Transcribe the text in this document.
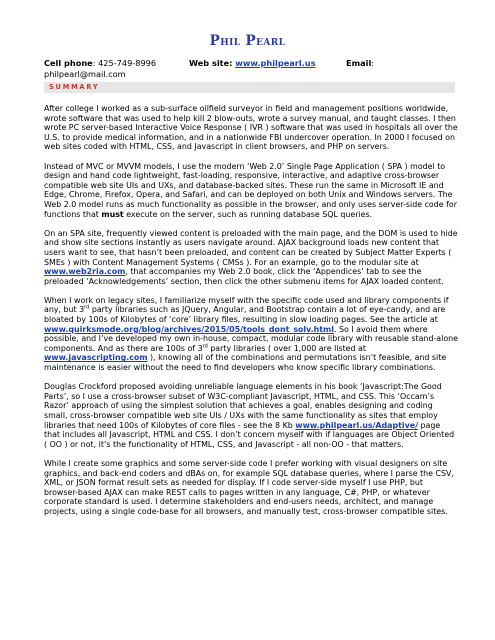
Phil Pearl
Cell phone: 425-749-8996	Web site: www.philpearl.us	Email:
philpearl@mail.com
SUMMARY

After college I worked as a sub-surface oilfield surveyor in field and management positions worldwide, wrote software that was used to help kill 2 blow-outs, wrote a survey manual, and taught classes. I then wrote PC server-based Interactive Voice Response ( IVR ) software that was used in hospitals all over the U.S. to provide medical information, and in a nationwide FBI undercover operation. In 2000 I focused on web sites coded with HTML, CSS, and Javascript in client browsers, and PHP on servers.

Instead of MVC or MVVM models, I use the modern ‘Web 2.0’ Single Page Application ( SPA ) model to design and hand code lightweight, fast-loading, responsive, interactive, and adaptive cross-browser compatible web site UIs and UXs, and database-backed sites. These run the same in Microsoft IE and Edge, Chrome, Firefox, Opera, and Safari, and can be deployed on both Unix and Windows servers. The Web 2.0 model runs as much functionality as possible in the browser, and only uses server-side code for functions that must execute on the server, such as running database SQL queries.

On an SPA site, frequently viewed content is preloaded with the main page, and the DOM is used to hide and show site sections instantly as users navigate around. AJAX background loads new content that users want to see, that hasn’t been preloaded, and content can be created by Subject Matter Experts ( SMEs ) with Content Management Systems ( CMSs ). For an example, go to the modular site at www.web2ria.com, that accompanies my Web 2.0 book, click the ‘Appendices’ tab to see the preloaded ‘Acknowledgements’ section, then click the other submenu items for AJAX loaded content.

When I work on legacy sites, I familiarize myself with the specific code used and library components if any, but 3rd party libraries such as JQuery, Angular, and Bootstrap contain a lot of eye-candy, and are bloated by 100s of Kilobytes of ‘core’ library files, resulting in slow loading pages. See the article at www.quirksmode.org/blog/archives/2015/05/tools_dont_solv.html. So I avoid them where possible, and I’ve developed my own in-house, compact, modular code library with reusable stand-alone components. And as there are 100s of 3rd party libraries ( over 1,000 are listed at www.javascripting.com ), knowing all of the combinations and permutations isn’t feasible, and site maintenance is easier without the need to find developers who know specific library combinations.

Douglas Crockford proposed avoiding unreliable language elements in his book ‘Javascript:The Good Parts’, so I use a cross-browser subset of W3C-compliant Javascript, HTML, and CSS. This ‘Occam’s Razor’ approach of using the simplest solution that achieves a goal, enables designing and coding small, cross-browser compatible web site UIs / UXs with the same functionality as sites that employ libraries that need 100s of Kilobytes of core files - see the 8 Kb www.philpearl.us/Adaptive/ page that includes all Javascript, HTML and CSS. I don’t concern myself with if languages are Object Oriented ( OO ) or not, it’s the functionality of HTML, CSS, and Javascript - all non-OO - that matters.

While I create some graphics and some server-side code I prefer working with visual designers on site graphics, and back-end coders and dBAs on, for example SQL database queries, where I parse the CSV, XML, or JSON format result sets as needed for display. If I code server-side myself I use PHP, but browser-based AJAX can make REST calls to pages written in any language, C#, PHP, or whatever corporate standard is used. I determine stakeholders and end-users needs, architect, and manage projects, using a single code-base for all browsers, and manually test, cross-browser compatible sites.
